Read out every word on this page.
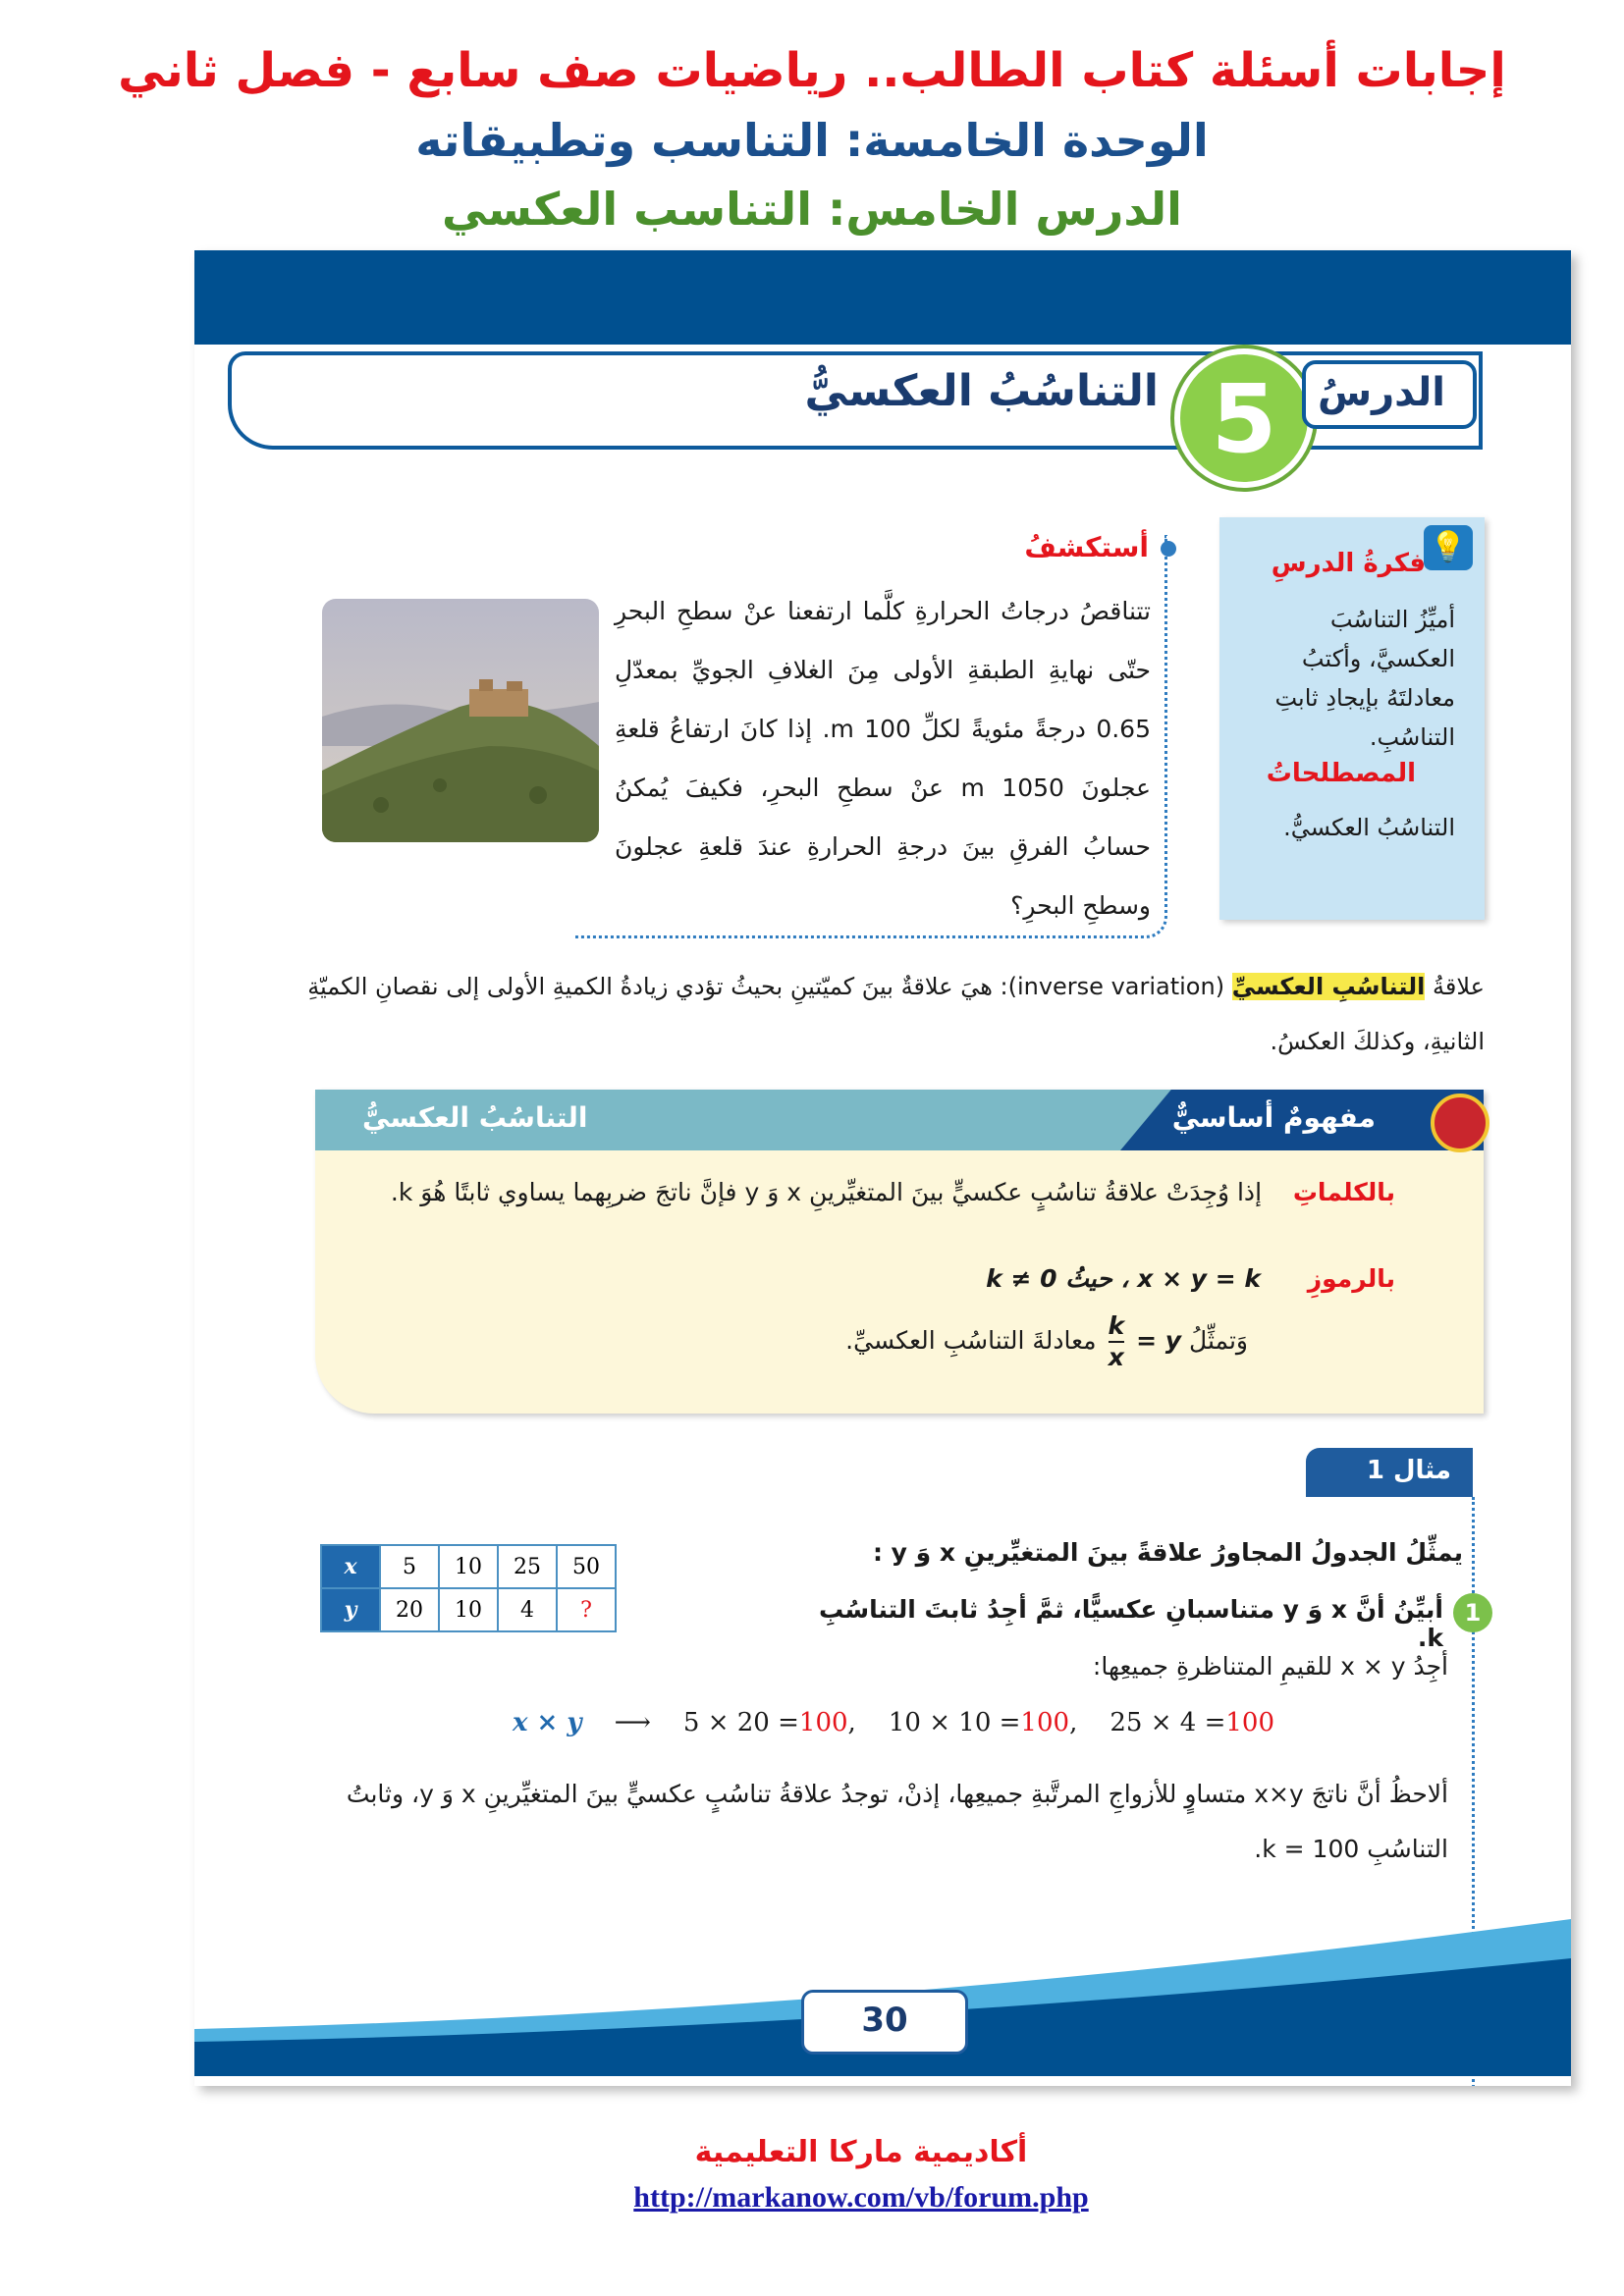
إجابات أسئلة كتاب الطالب.. رياضيات صف سابع - فصل ثاني
الوحدة الخامسة: التناسب وتطبيقاته
الدرس الخامس: التناسب العكسي
التناسُبُ العكسيُّ 5	الدرسُ
💡
فكرةُ الدرسِ
أميِّزُ التناسُبَ العكسيَّ، وأكتبُ معادلتَهُ بإيجادِ ثابتِ التناسُبِ.
المصطلحاتُ
التناسُبُ العكسيُّ.
أستكشفُ
تتناقصُ درجاتُ الحرارةِ كلَّما ارتفعنا عنْ سطحِ البحرِ حتّى نهايةِ الطبقةِ الأولى مِنَ الغلافِ الجويِّ بمعدّلِ 0.65 درجةً مئويةً لكلِّ 100 m. إذا كانَ ارتفاعُ قلعةِ عجلونَ 1050 m عنْ سطحِ البحرِ، فكيفَ يُمكنُ حسابُ الفرقِ بينَ درجةِ الحرارةِ عندَ قلعةِ عجلونَ وسطحِ البحرِ؟
علاقةُ التناسُبِ العكسيِّ (inverse variation): هيَ علاقةٌ بينَ كميّتينِ بحيثُ تؤدي زيادةُ الكميةِ الأولى إلى نقصانِ الكميّةِ الثانيةِ، وكذلكَ العكسُ.
مفهومٌ أساسيٌّ
التناسُبُ العكسيُّ
بالكلماتِ    إذا وُجِدَتْ علاقةُ تناسُبٍ عكسيٍّ بينَ المتغيِّرينِ x وَ y فإنَّ ناتجَ ضربِهما يساوي ثابتًا هُوَ k.
بالرموزِ      x × y = k ، حيثُ k ≠ 0
وَتمثِّلُ y =
$\frac{k}{x}$
معادلةَ التناسُبِ العكسيِّ.
مثال 1
يمثِّلُ الجدولُ المجاورُ علاقةً بينَ المتغيِّرينِ x وَ y :
1
أبيِّنُ أنَّ x وَ y متناسبانِ عكسيًّا، ثمَّ أجِدُ ثابتَ التناسُبِ k.
x	5	10	25	50
y	20	10	4	?
أجِدُ x × y للقيمِ المتناظرةِ جميعِها:
x × y ⟶ 5 × 20 =100,    10 × 10 =100,    25 × 4 =100
ألاحظُ أنَّ ناتجَ x×y متساوٍ للأزواجِ المرتَّبةِ جميعِها، إذنْ، توجدُ علاقةُ تناسُبٍ عكسيٍّ بينَ المتغيِّرينِ x وَ y، وثابتُ التناسُبِ k = 100.
30
أكاديمية ماركا التعليمية
http://markanow.com/vb/forum.php
